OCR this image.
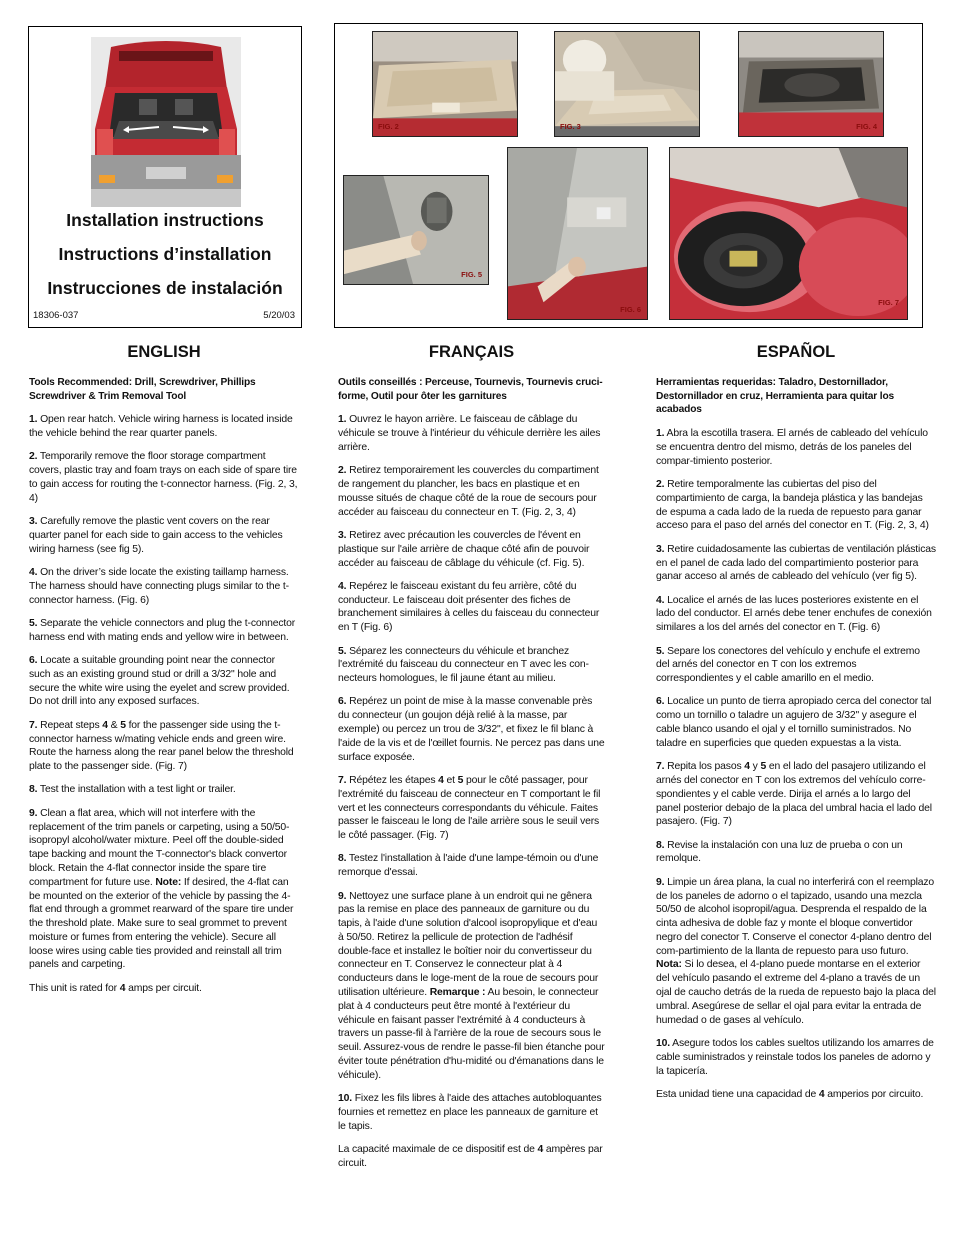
Installation instructions
Instructions d’installation
Instrucciones de instalación
18306-037	5/20/03
FIG. 2	FIG. 3	FIG. 4
FIG. 5
FIG. 6
FIG. 7
ENGLISH
Tools Recommended: Drill, Screwdriver, Phillips Screwdriver & Trim Removal Tool

1. Open rear hatch. Vehicle wiring harness is located inside the vehicle behind the rear quarter panels.

2. Temporarily remove the floor storage compartment covers, plastic tray and foam trays on each side of spare tire to gain access for routing the t-connector harness. (Fig. 2, 3, 4)

3. Carefully remove the plastic vent covers on the rear quarter panel for each side to gain access to the vehicles wiring harness (see fig 5).

4. On the driver’s side locate the existing taillamp harness. The harness should have connecting plugs similar to the t-connector harness. (Fig. 6)

5. Separate the vehicle connectors and plug the t-connector harness end with mating ends and yellow wire in between.

6. Locate a suitable grounding point near the connector such as an existing ground stud or drill a 3/32" hole and secure the white wire using the eyelet and screw provided. Do not drill into any exposed surfaces.

7. Repeat steps 4 & 5 for the passenger side using the t-connector harness w/mating vehicle ends and green wire. Route the harness along the rear panel below the threshold plate to the passenger side. (Fig. 7)

8. Test the installation with a test light or trailer.

9. Clean a flat area, which will not interfere with the replacement of the trim panels or carpeting, using a 50/50-isopropyl alcohol/water mixture. Peel off the double-sided tape backing and mount the T-connector's black convertor block. Retain the 4-flat connector inside the spare tire compartment for future use. Note: If desired, the 4-flat can be mounted on the exterior of the vehicle by passing the 4-flat end through a grommet rearward of the spare tire under the threshold plate. Make sure to seal grommet to prevent moisture or fumes from entering the vehicle). Secure all loose wires using cable ties provided and reinstall all trim panels and carpeting.

This unit is rated for 4 amps per circuit.

FRANÇAIS
Outils conseillés : Perceuse, Tournevis, Tournevis cruci-forme, Outil pour ôter les garnitures

1. Ouvrez le hayon arrière. Le faisceau de câblage du véhicule se trouve à l'intérieur du véhicule derrière les ailes arrière.

2. Retirez temporairement les couvercles du compartiment de rangement du plancher, les bacs en plastique et en mousse situés de chaque côté de la roue de secours pour accéder au faisceau du connecteur en T. (Fig. 2, 3, 4)

3. Retirez avec précaution les couvercles de l'évent en plastique sur l'aile arrière de chaque côté afin de pouvoir accéder au faisceau de câblage du véhicule (cf. Fig. 5).

4. Repérez le faisceau existant du feu arrière, côté du conducteur. Le faisceau doit présenter des fiches de branchement similaires à celles du faisceau du connecteur en T (Fig. 6)

5. Séparez les connecteurs du véhicule et branchez l'extrémité du faisceau du connecteur en T avec les con-necteurs homologues, le fil jaune étant au milieu.

6. Repérez un point de mise à la masse convenable près du connecteur (un goujon déjà relié à la masse, par exemple) ou percez un trou de 3/32", et fixez le fil blanc à l'aide de la vis et de l'œillet fournis. Ne percez pas dans une surface exposée.

7. Répétez les étapes 4 et 5 pour le côté passager, pour l'extrémité du faisceau de connecteur en T comportant le fil vert et les connecteurs correspondants du véhicule. Faites passer le faisceau le long de l'aile arrière sous le seuil vers le côté passager. (Fig. 7)

8. Testez l'installation à l'aide d'une lampe-témoin ou d'une remorque d'essai.

9. Nettoyez une surface plane à un endroit qui ne gênera pas la remise en place des panneaux de garniture ou du tapis, à l'aide d'une solution d'alcool isopropylique et d'eau à 50/50. Retirez la pellicule de protection de l'adhésif double-face et installez le boîtier noir du convertisseur du connecteur en T. Conservez le connecteur plat à 4 conducteurs dans le loge-ment de la roue de secours pour utilisation ultérieure. Remarque : Au besoin, le connecteur plat à 4 conducteurs peut être monté à l'extérieur du véhicule en faisant passer l'extrémité à 4 conducteurs à travers un passe-fil à l'arrière de la roue de secours sous le seuil. Assurez-vous de rendre le passe-fil bien étanche pour éviter toute pénétration d'hu-midité ou d'émanations dans le véhicule).

10. Fixez les fils libres à l'aide des attaches autobloquantes fournies et remettez en place les panneaux de garniture et le tapis.

La capacité maximale de ce dispositif est de 4 ampères par circuit.

ESPAÑOL
Herramientas requeridas: Taladro, Destornillador, Destornillador en cruz, Herramienta para quitar los acabados

1. Abra la escotilla trasera. El arnés de cableado del vehículo se encuentra dentro del mismo, detrás de los paneles del compar-timiento posterior.

2. Retire temporalmente las cubiertas del piso del compartimiento de carga, la bandeja plástica y las bandejas de espuma a cada lado de la rueda de repuesto para ganar acceso para el paso del arnés del conector en T. (Fig. 2, 3, 4)

3. Retire cuidadosamente las cubiertas de ventilación plásticas en el panel de cada lado del compartimiento posterior para ganar acceso al arnés de cableado del vehículo (ver fig 5).

4. Localice el arnés de las luces posteriores existente en el lado del conductor. El arnés debe tener enchufes de conexión similares a los del arnés del conector en T. (Fig. 6)

5. Separe los conectores del vehículo y enchufe el extremo del arnés del conector en T con los extremos correspondientes y el cable amarillo en el medio.

6. Localice un punto de tierra apropiado cerca del conector tal como un tornillo o taladre un agujero de 3/32" y asegure el cable blanco usando el ojal y el tornillo suministrados. No taladre en superficies que queden expuestas a la vista.

7. Repita los pasos 4 y 5 en el lado del pasajero utilizando el arnés del conector en T con los extremos del vehículo corre-spondientes y el cable verde. Dirija el arnés a lo largo del panel posterior debajo de la placa del umbral hacia el lado del pasajero. (Fig. 7)

8. Revise la instalación con una luz de prueba o con un remolque.

9. Limpie un área plana, la cual no interferirá con el reemplazo de los paneles de adorno o el tapizado, usando una mezcla 50/50 de alcohol isopropil/agua. Desprenda el respaldo de la cinta adhesiva de doble faz y monte el bloque convertidor negro del conector T. Conserve el conector 4-plano dentro del com-partimiento de la llanta de repuesto para uso futuro. Nota: Si lo desea, el 4-plano puede montarse en el exterior del vehículo pasando el extreme del 4-plano a través de un ojal de caucho detrás de la rueda de repuesto bajo la placa del umbral. Asegúrese de sellar el ojal para evitar la entrada de humedad o de gases al vehículo.

10. Asegure todos los cables sueltos utilizando los amarres de cable suministrados y reinstale todos los paneles de adorno y la tapicería.

Esta unidad tiene una capacidad de 4 amperios por circuito.
